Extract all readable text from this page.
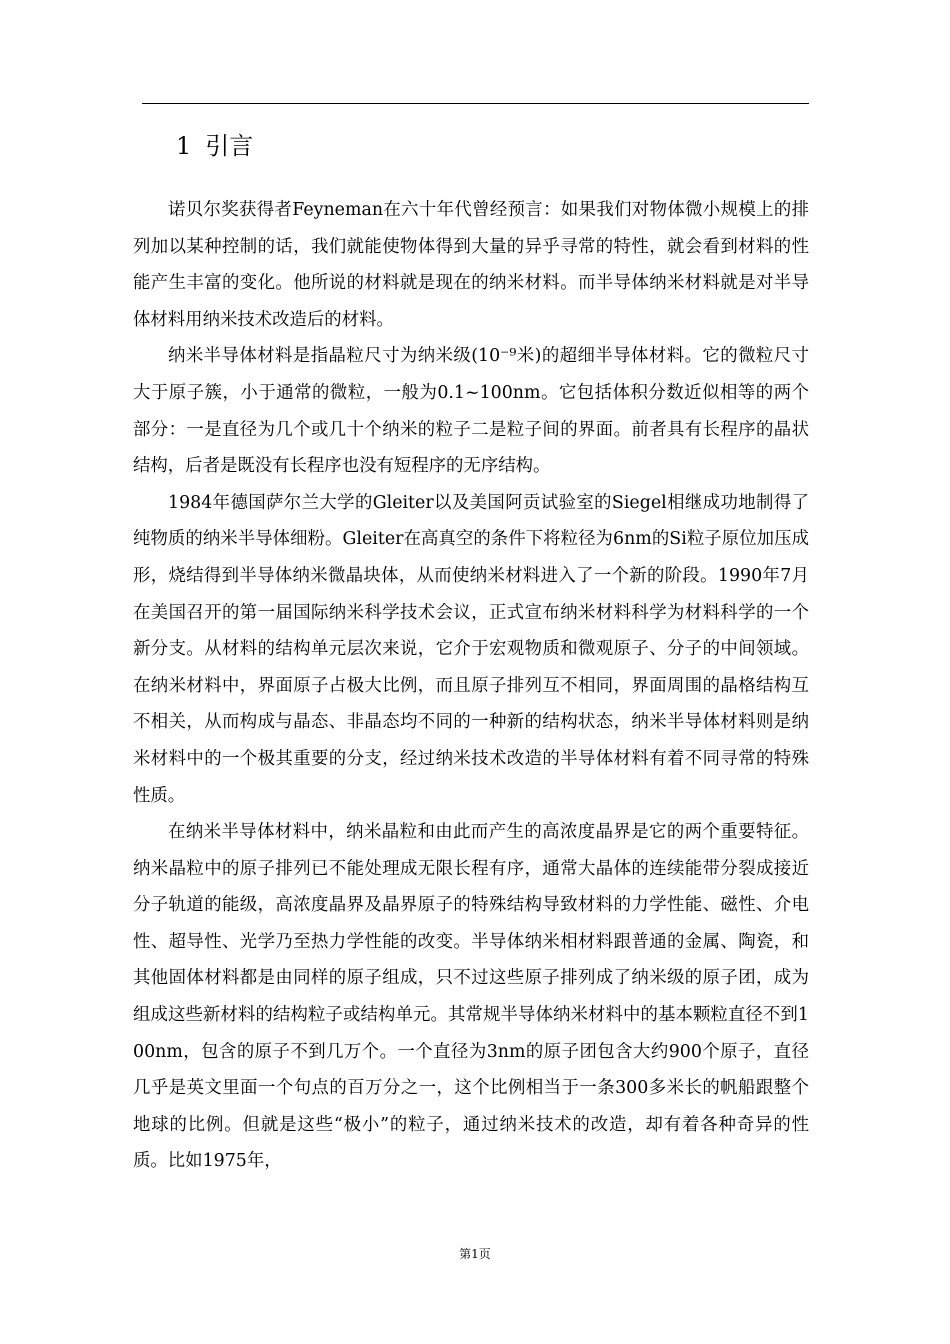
1 引言

诺贝尔奖获得者Feyneman在六十年代曾经预言：如果我们对物体微小规模上的排列加以某种控制的话，我们就能使物体得到大量的异乎寻常的特性，就会看到材料的性能产生丰富的变化。他所说的材料就是现在的纳米材料。而半导体纳米材料就是对半导体材料用纳米技术改造后的材料。

纳米半导体材料是指晶粒尺寸为纳米级(10⁻⁹米)的超细半导体材料。它的微粒尺寸大于原子簇，小于通常的微粒，一般为0.1~100nm。它包括体积分数近似相等的两个部分：一是直径为几个或几十个纳米的粒子二是粒子间的界面。前者具有长程序的晶状结构，后者是既没有长程序也没有短程序的无序结构。

1984年德国萨尔兰大学的Gleiter以及美国阿贡试验室的Siegel相继成功地制得了纯物质的纳米半导体细粉。Gleiter在高真空的条件下将粒径为6nm的Si粒子原位加压成形，烧结得到半导体纳米微晶块体，从而使纳米材料进入了一个新的阶段。1990年7月在美国召开的第一届国际纳米科学技术会议，正式宣布纳米材料科学为材料科学的一个新分支。从材料的结构单元层次来说，它介于宏观物质和微观原子、分子的中间领域。在纳米材料中，界面原子占极大比例，而且原子排列互不相同，界面周围的晶格结构互不相关，从而构成与晶态、非晶态均不同的一种新的结构状态，纳米半导体材料则是纳米材料中的一个极其重要的分支，经过纳米技术改造的半导体材料有着不同寻常的特殊性质。

在纳米半导体材料中，纳米晶粒和由此而产生的高浓度晶界是它的两个重要特征。纳米晶粒中的原子排列已不能处理成无限长程有序，通常大晶体的连续能带分裂成接近分子轨道的能级，高浓度晶界及晶界原子的特殊结构导致材料的力学性能、磁性、介电性、超导性、光学乃至热力学性能的改变。半导体纳米相材料跟普通的金属、陶瓷，和其他固体材料都是由同样的原子组成，只不过这些原子排列成了纳米级的原子团，成为组成这些新材料的结构粒子或结构单元。其常规半导体纳米材料中的基本颗粒直径不到100nm，包含的原子不到几万个。一个直径为3nm的原子团包含大约900个原子，直径几乎是英文里面一个句点的百万分之一，这个比例相当于一条300多米长的帆船跟整个地球的比例。但就是这些“极小”的粒子，通过纳米技术的改造，却有着各种奇异的性质。比如1975年，

第1页
